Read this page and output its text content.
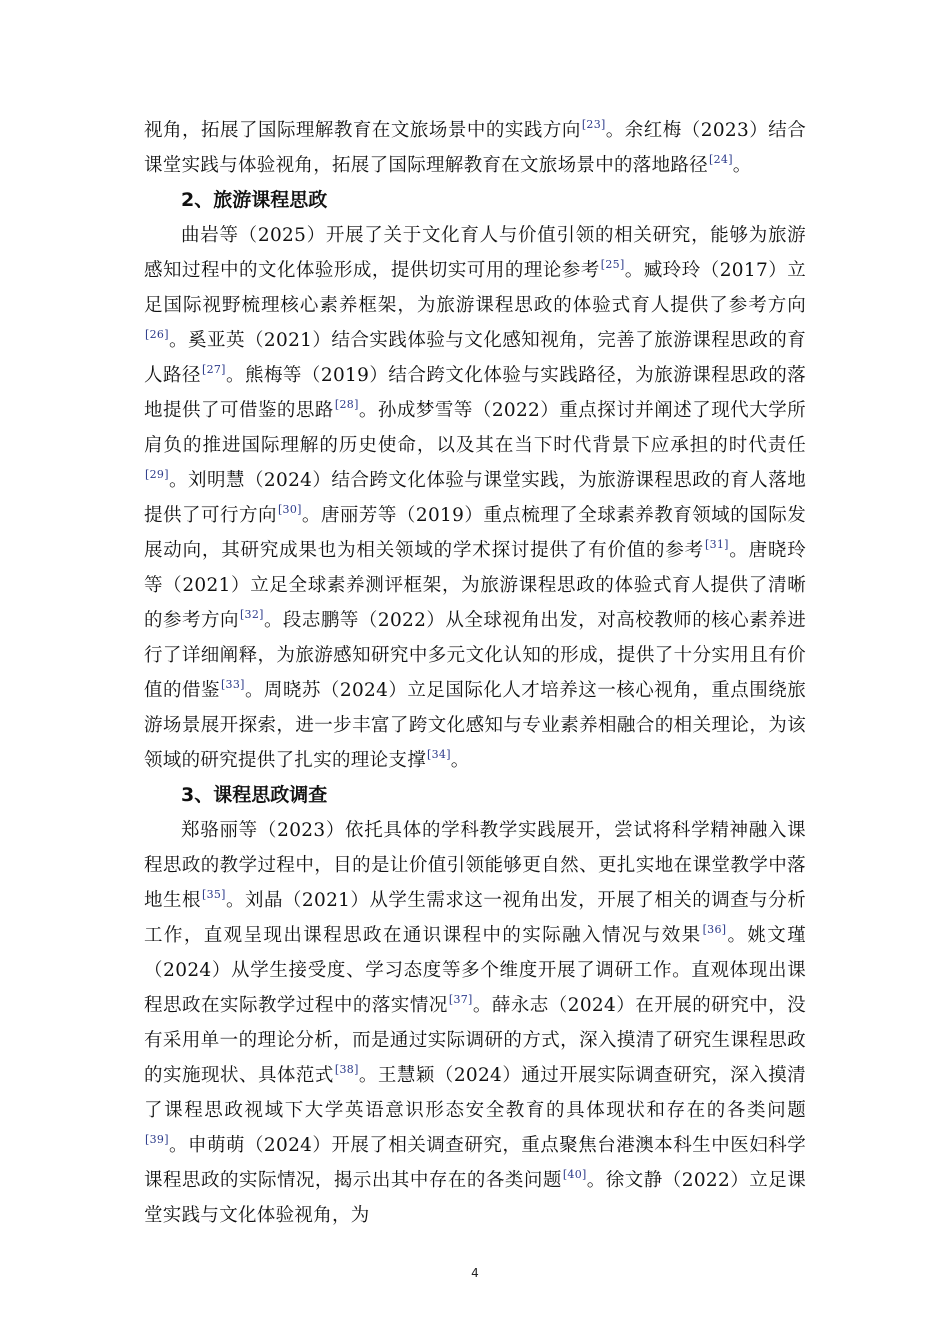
视角，拓展了国际理解教育在文旅场景中的实践方向[23]。余红梅（2023）结合课堂实践与体验视角，拓展了国际理解教育在文旅场景中的落地路径[24]。

2、旅游课程思政

曲岩等（2025）开展了关于文化育人与价值引领的相关研究，能够为旅游感知过程中的文化体验形成，提供切实可用的理论参考[25]。臧玲玲（2017）立足国际视野梳理核心素养框架，为旅游课程思政的体验式育人提供了参考方向[26]。奚亚英（2021）结合实践体验与文化感知视角，完善了旅游课程思政的育人路径[27]。熊梅等（2019）结合跨文化体验与实践路径，为旅游课程思政的落地提供了可借鉴的思路[28]。孙成梦雪等（2022）重点探讨并阐述了现代大学所肩负的推进国际理解的历史使命，以及其在当下时代背景下应承担的时代责任[29]。刘明慧（2024）结合跨文化体验与课堂实践，为旅游课程思政的育人落地提供了可行方向[30]。唐丽芳等（2019）重点梳理了全球素养教育领域的国际发展动向，其研究成果也为相关领域的学术探讨提供了有价值的参考[31]。唐晓玲等（2021）立足全球素养测评框架，为旅游课程思政的体验式育人提供了清晰的参考方向[32]。段志鹏等（2022）从全球视角出发，对高校教师的核心素养进行了详细阐释，为旅游感知研究中多元文化认知的形成，提供了十分实用且有价值的借鉴[33]。周晓苏（2024）立足国际化人才培养这一核心视角，重点围绕旅游场景展开探索，进一步丰富了跨文化感知与专业素养相融合的相关理论，为该领域的研究提供了扎实的理论支撑[34]。

3、课程思政调查

郑骆丽等（2023）依托具体的学科教学实践展开，尝试将科学精神融入课程思政的教学过程中，目的是让价值引领能够更自然、更扎实地在课堂教学中落地生根[35]。刘晶（2021）从学生需求这一视角出发，开展了相关的调查与分析工作，直观呈现出课程思政在通识课程中的实际融入情况与效果[36]。姚文瑾（2024）从学生接受度、学习态度等多个维度开展了调研工作。直观体现出课程思政在实际教学过程中的落实情况[37]。薛永志（2024）在开展的研究中，没有采用单一的理论分析，而是通过实际调研的方式，深入摸清了研究生课程思政的实施现状、具体范式[38]。王慧颖（2024）通过开展实际调查研究，深入摸清了课程思政视域下大学英语意识形态安全教育的具体现状和存在的各类问题[39]。申萌萌（2024）开展了相关调查研究，重点聚焦台港澳本科生中医妇科学课程思政的实际情况，揭示出其中存在的各类问题[40]。徐文静（2022）立足课堂实践与文化体验视角，为

4
